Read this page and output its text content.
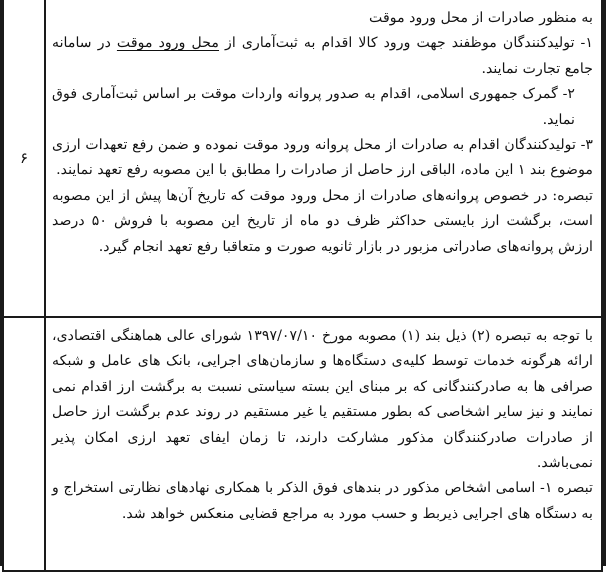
به منظور صادرات از محل ورود موقت

۱- تولیدکنندگان موظفند جهت ورود کالا اقدام به ثبت‌آماری از محل ورود موقت در سامانه جامع تجارت نمایند.

۲- گمرک جمهوری اسلامی، اقدام به صدور پروانه واردات موقت بر اساس ثبت‌آماری فوق نماید.

۳- تولیدکنندگان اقدام به صادرات از محل پروانه ورود موقت نموده و ضمن رفع تعهدات ارزی موضوع بند ۱ این ماده، الباقی ارز حاصل از صادرات را مطابق با این مصوبه رفع تعهد نمایند.

تبصره: در خصوص پروانه‌های صادرات از محل ورود موقت که تاریخ آن‌ها پیش از این مصوبه است، برگشت ارز بایستی حداکثر ظرف دو ماه از تاریخ این مصوبه با فروش ۵۰ درصد ارزش پروانه‌های صادراتی مزبور در بازار ثانویه صورت و متعاقبا رفع تعهد انجام گیرد.	۶

با توجه به تبصره (۲) ذیل بند (۱) مصوبه مورخ ۱۳۹۷/۰۷/۱۰ شورای عالی هماهنگی اقتصادی، ارائه هرگونه خدمات توسط کلیه‌ی دستگاه‌ها و سازمان‌های اجرایی، بانک های عامل و شبکه صرافی ها به صادرکنندگانی که بر مبنای این بسته سیاستی نسبت به برگشت ارز اقدام نمی نمایند و نیز سایر اشخاصی که بطور مستقیم یا غیر مستقیم در روند عدم برگشت ارز حاصل از صادرات صادرکنندگان مذکور مشارکت دارند، تا زمان ایفای تعهد ارزی امکان پذیر نمی‌باشد.

تبصره ۱- اسامی اشخاص مذکور در بندهای فوق الذکر با همکاری نهادهای نظارتی استخراج و به دستگاه های اجرایی ذیربط و حسب مورد به مراجع قضایی منعکس خواهد شد.	
